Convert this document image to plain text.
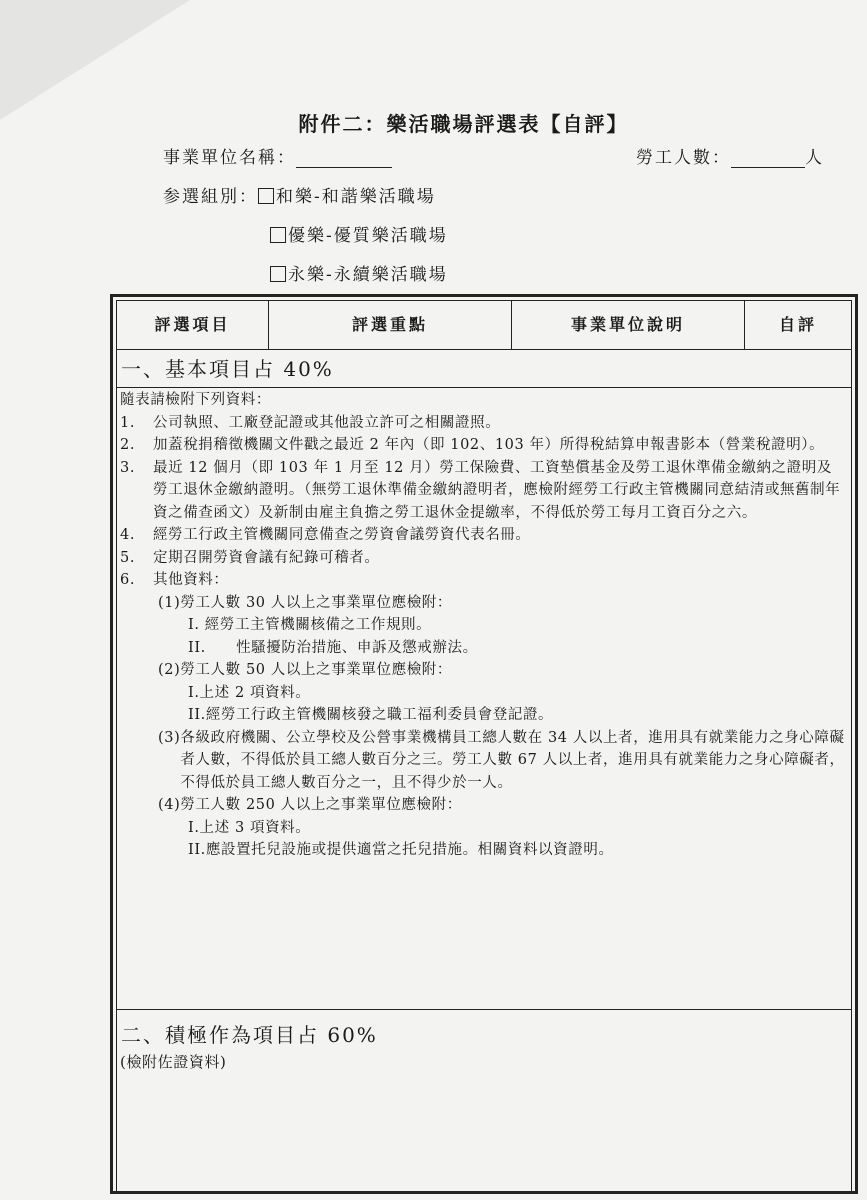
附件二：樂活職場評選表【自評】
事業單位名稱：	勞工人數：	人
参選組別： 和樂-和諧樂活職場
優樂-優質樂活職場
永樂-永續樂活職場
評選項目	評選重點	事業單位說明	自評
一、基本項目占 40%
隨表請檢附下列資料：
1.	公司執照、工廠登記證或其他設立許可之相關證照。
2.	加蓋稅捐稽徵機關文件戳之最近 2 年內（即 102、103 年）所得稅結算申報書影本（營業稅證明）。
3.	最近 12 個月（即 103 年 1 月至 12 月）勞工保險費、工資墊償基金及勞工退休準備金繳納之證明及勞工退休金繳納證明。（無勞工退休準備金繳納證明者，應檢附經勞工行政主管機關同意結清或無舊制年資之備查函文）及新制由雇主負擔之勞工退休金提繳率，不得低於勞工每月工資百分之六。
4.	經勞工行政主管機關同意備查之勞資會議勞資代表名冊。
5.	定期召開勞資會議有紀錄可稽者。
6.	其他資料：
(1)勞工人數 30 人以上之事業單位應檢附：
I. 經勞工主管機關核備之工作規則。
II.　　性騷擾防治措施、申訴及懲戒辦法。
(2)勞工人數 50 人以上之事業單位應檢附：
I.上述 2 項資料。
II.經勞工行政主管機關核發之職工福利委員會登記證。
(3) 各級政府機關、公立學校及公營事業機構員工總人數在 34 人以上者，進用具有就業能力之身心障礙者人數，不得低於員工總人數百分之三。勞工人數 67 人以上者，進用具有就業能力之身心障礙者，不得低於員工總人數百分之一，且不得少於一人。
(4)勞工人數 250 人以上之事業單位應檢附：
I.上述 3 項資料。
II.應設置托兒設施或提供適當之托兒措施。相關資料以資證明。
二、積極作為項目占 60%
(檢附佐證資料)
